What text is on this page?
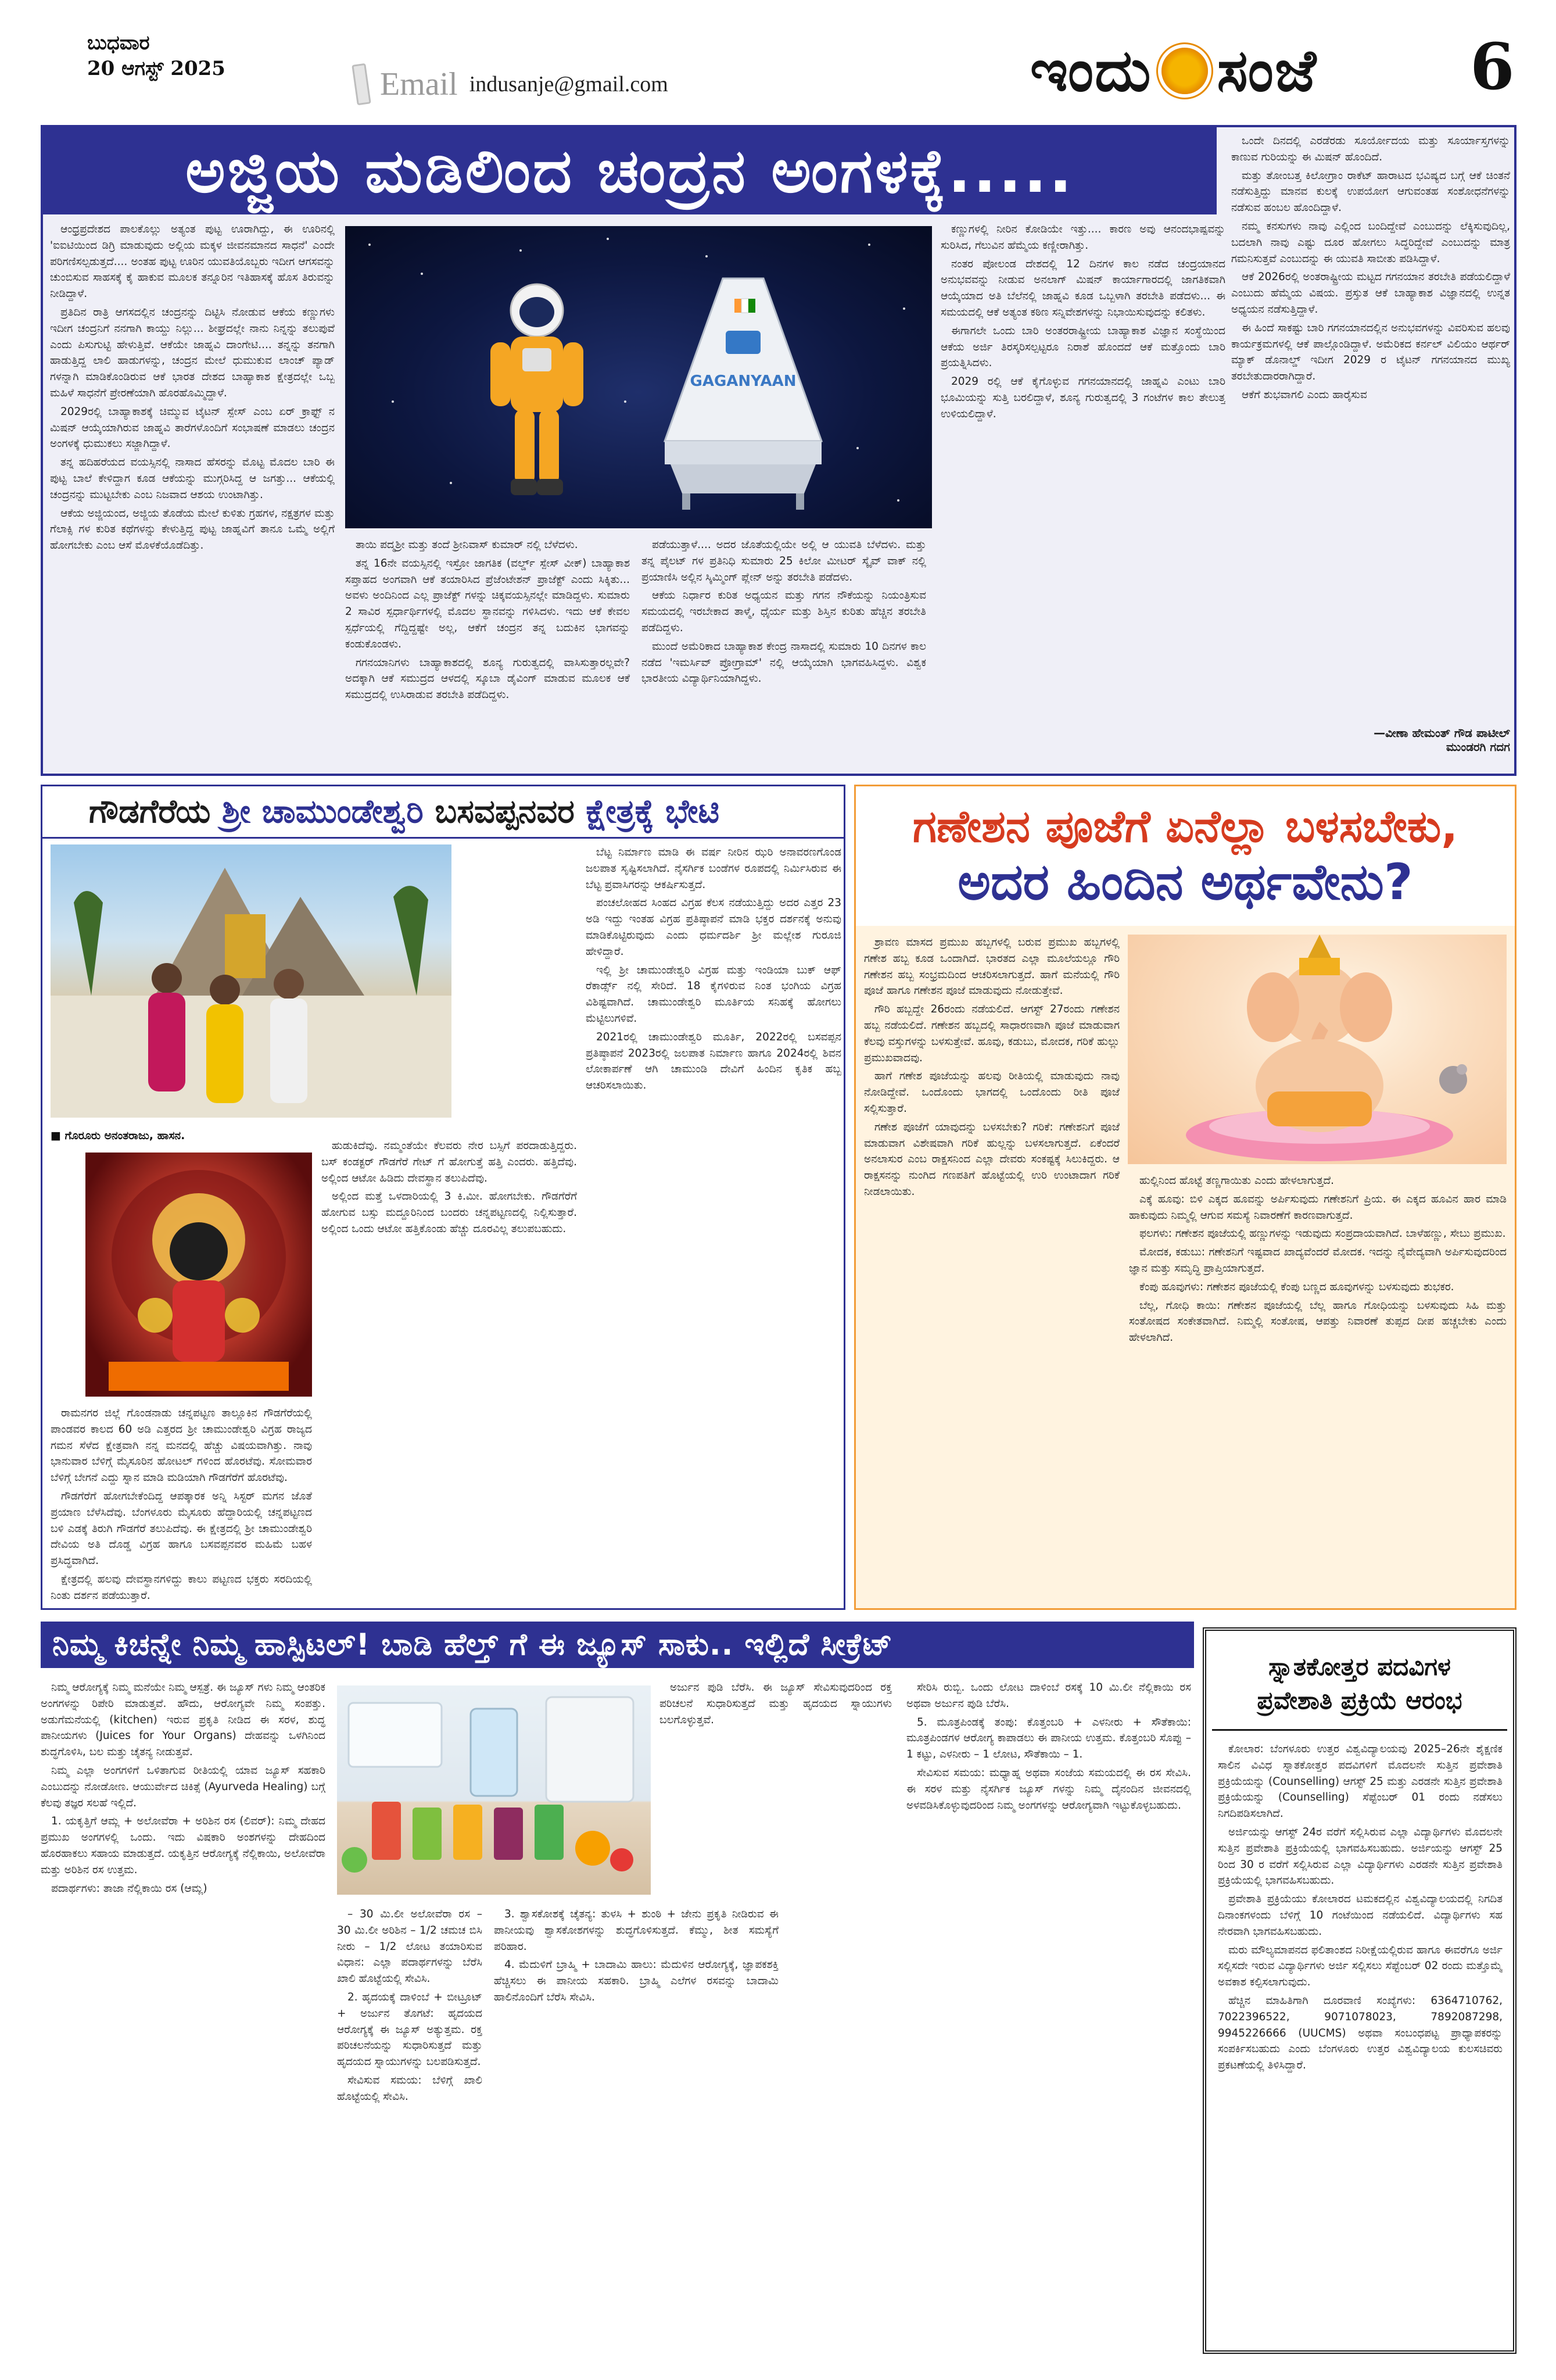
ಬುಧವಾರ
20 ಆಗಸ್ಟ್ 2025	Email indusanje@gmail.com	ಇಂದು ಸಂಜೆ 6
ಅಜ್ಜಿಯ ಮಡಿಲಿಂದ ಚಂದ್ರನ ಅಂಗಳಕ್ಕೆ.....

ಆಂಧ್ರಪ್ರದೇಶದ ಪಾಲಕೊಲ್ಲು ಅತ್ಯಂತ ಪುಟ್ಟ ಊರಾಗಿದ್ದು, ಈ ಊರಿನಲ್ಲಿ 'ಐಐಟಿಯಿಂದ ಡಿಗ್ರಿ ಮಾಡುವುದು ಅಲ್ಲಿಯ ಮಕ್ಕಳ ಜೀವನಮಾನದ ಸಾಧನೆ' ಎಂದೇ ಪರಿಗಣಿಸಲ್ಪಡುತ್ತದೆ.... ಅಂತಹ ಪುಟ್ಟ ಊರಿನ ಯುವತಿಯೊಬ್ಬರು ಇದೀಗ ಆಗಸವನ್ನು ಚುಂಬಿಸುವ ಸಾಹಸಕ್ಕೆ ಕೈ ಹಾಕುವ ಮೂಲಕ ತನ್ನೂರಿನ ಇತಿಹಾಸಕ್ಕೆ ಹೊಸ ತಿರುವನ್ನು ನೀಡಿದ್ದಾಳೆ.

ಪ್ರತಿದಿನ ರಾತ್ರಿ ಆಗಸದಲ್ಲಿನ ಚಂದ್ರನನ್ನು ದಿಟ್ಟಿಸಿ ನೋಡುವ ಆಕೆಯ ಕಣ್ಣುಗಳು ಇದೀಗ ಚಂದ್ರನಿಗೆ ನನಗಾಗಿ ಕಾಯ್ದು ನಿಲ್ಲು... ಶೀಘ್ರದಲ್ಲೇ ನಾನು ನಿನ್ನನ್ನು ತಲುಪುವೆ ಎಂದು ಪಿಸುಗುಟ್ಟಿ ಹೇಳುತ್ತಿವೆ. ಆಕೆಯೇ ಜಾಹ್ನವಿ ದಾಂಗೇಟಿ.... ತನ್ನನ್ನು ತನಗಾಗಿ ಹಾಡುತ್ತಿದ್ದ ಲಾಲಿ ಹಾಡುಗಳನ್ನು, ಚಂದ್ರನ ಮೇಲೆ ಧುಮುಕುವ ಲಾಂಚ್ ಪ್ಯಾಡ್ ಗಳನ್ನಾಗಿ ಮಾಡಿಕೊಂಡಿರುವ ಆಕೆ ಭಾರತ ದೇಶದ ಬಾಹ್ಯಾಕಾಶ ಕ್ಷೇತ್ರದಲ್ಲೇ ಒಬ್ಬ ಮಹಿಳೆ ಸಾಧನೆಗೆ ಪ್ರೇರಣೆಯಾಗಿ ಹೊರಹೊಮ್ಮಿದ್ದಾಳೆ.

2029ರಲ್ಲಿ ಬಾಹ್ಯಾಕಾಶಕ್ಕೆ ಚಿಮ್ಮುವ ಟೈಟನ್ ಸ್ಪೇಸ್ ಎಂಬ ಏರ್ ಕ್ರಾಫ್ಟ್ ನ ಮಿಷನ್ ಆಯ್ಕೆಯಾಗಿರುವ ಜಾಹ್ನವಿ ತಾರೆಗಳೊಂದಿಗೆ ಸಂಭಾಷಣೆ ಮಾಡಲು ಚಂದ್ರನ ಅಂಗಳಕ್ಕೆ ಧುಮುಕಲು ಸಜ್ಜಾಗಿದ್ದಾಳೆ.

ತನ್ನ ಹದಿಹರೆಯದ ವಯಸ್ಸಿನಲ್ಲಿ ನಾಸಾದ ಹೆಸರನ್ನು ಮೊಟ್ಟ ಮೊದಲ ಬಾರಿ ಈ ಪುಟ್ಟ ಬಾಲೆ ಕೇಳಿದ್ದಾಗ ಕೂಡ ಆಕೆಯನ್ನು ಮುಗ್ಗರಿಸಿದ್ದ ಆ ಜಗತ್ತು... ಆಕೆಯಲ್ಲಿ ಚಂದ್ರನನ್ನು ಮುಟ್ಟಬೇಕು ಎಂಬ ನಿಜವಾದ ಆಶಯ ಉಂಟಾಗಿತ್ತು.

ಆಕೆಯ ಅಜ್ಜಿಯಂದ, ಅಜ್ಜಿಯ ತೊಡೆಯ ಮೇಲೆ ಕುಳಿತು ಗ್ರಹಗಳ, ನಕ್ಷತ್ರಗಳ ಮತ್ತು ಗೆಲಾಕ್ಸಿ ಗಳ ಕುರಿತ ಕಥೆಗಳನ್ನು ಕೇಳುತ್ತಿದ್ದ ಪುಟ್ಟ ಜಾಹ್ನವಿಗೆ ತಾನೂ ಒಮ್ಮೆ ಅಲ್ಲಿಗೆ ಹೋಗಬೇಕು ಎಂಬ ಆಸೆ ಮೊಳಕೆಯೊಡೆದಿತ್ತು.

GAGANYAAN

ತಾಯಿ ಪದ್ಮಶ್ರೀ ಮತ್ತು ತಂದೆ ಶ್ರೀನಿವಾಸ್ ಕುಮಾರ್ ನಲ್ಲಿ ಬೆಳೆದಳು.

ತನ್ನ 16ನೇ ವಯಸ್ಸಿನಲ್ಲಿ ಇಸ್ರೋ ಜಾಗತಿಕ (ವರ್ಲ್ಡ್ ಸ್ಪೇಸ್ ವೀಕ್) ಬಾಹ್ಯಾಕಾಶ ಸಪ್ತಾಹದ ಅಂಗವಾಗಿ ಆಕೆ ತಯಾರಿಸಿದ ಪ್ರೆಜೆಂಟೇಶನ್ ಪ್ರಾಜೆಕ್ಟ್ ಎಂದು ಸಿಕ್ಕಿತು... ಅವಳು ಅಂದಿನಿಂದ ಎಲ್ಲ ಪ್ರಾಜೆಕ್ಟ್ ಗಳನ್ನು ಚಿಕ್ಕವಯಸ್ಸಿನಲ್ಲೇ ಮಾಡಿದ್ದಳು. ಸುಮಾರು 2 ಸಾವಿರ ಸ್ಪರ್ಧಾರ್ಥಿಗಳಲ್ಲಿ ಮೊದಲ ಸ್ಥಾನವನ್ನು ಗಳಿಸಿದಳು. ಇದು ಆಕೆ ಕೇವಲ ಸ್ಪರ್ಧೆಯಲ್ಲಿ ಗೆದ್ದಿದ್ದಷ್ಟೇ ಅಲ್ಲ, ಆಕೆಗೆ ಚಂದ್ರನ ತನ್ನ ಬದುಕಿನ ಭಾಗವನ್ನು ಕಂಡುಕೊಂಡಳು.

ಗಗನಯಾನಿಗಳು ಬಾಹ್ಯಾಕಾಶದಲ್ಲಿ ಶೂನ್ಯ ಗುರುತ್ವದಲ್ಲಿ ವಾಸಿಸುತ್ತಾರಲ್ಲವೇ? ಅದಕ್ಕಾಗಿ ಆಕೆ ಸಮುದ್ರದ ಆಳದಲ್ಲಿ ಸ್ಕೂಬಾ ಡೈವಿಂಗ್ ಮಾಡುವ ಮೂಲಕ ಆಕೆ ಸಮುದ್ರದಲ್ಲಿ ಉಸಿರಾಡುವ ತರಬೇತಿ ಪಡೆದಿದ್ದಳು.

ಪಡೆಯುತ್ತಾಳೆ.... ಅದರ ಜೊತೆಯಲ್ಲಿಯೇ ಅಲ್ಲಿ ಆ ಯುವತಿ ಬೆಳೆದಳು. ಮತ್ತು ತನ್ನ ಪೈಲಟ್ ಗಳ ಪ್ರತಿನಿಧಿ ಸುಮಾರು 25 ಕಿಲೋ ಮೀಟರ್ ಸ್ಕೈವ್ ವಾಕ್ ನಲ್ಲಿ ಪ್ರಯಾಣಿಸಿ ಅಲ್ಲಿನ ಸ್ಕಿಮ್ಮಿಂಗ್ ಪ್ಲೇನ್ ಅನ್ನು ತರಬೇತಿ ಪಡೆದಳು.

ಆಕೆಯ ನಿರ್ಧಾರ ಕುರಿತ ಅಧ್ಯಯನ ಮತ್ತು ಗಗನ ನೌಕೆಯನ್ನು ನಿಯಂತ್ರಿಸುವ ಸಮಯದಲ್ಲಿ ಇರಬೇಕಾದ ತಾಳ್ಮೆ, ಧೈರ್ಯ ಮತ್ತು ಶಿಸ್ತಿನ ಕುರಿತು ಹೆಚ್ಚಿನ ತರಬೇತಿ ಪಡೆದಿದ್ದಳು.

ಮುಂದೆ ಅಮೆರಿಕಾದ ಬಾಹ್ಯಾಕಾಶ ಕೇಂದ್ರ ನಾಸಾದಲ್ಲಿ ಸುಮಾರು 10 ದಿನಗಳ ಕಾಲ ನಡೆದ 'ಇಮರ್ಸಿವ್ ಪ್ರೋಗ್ರಾಮ್' ನಲ್ಲಿ ಆಯ್ಕೆಯಾಗಿ ಭಾಗವಹಿಸಿದ್ದಳು. ವಿಶ್ವಕ ಭಾರತೀಯ ವಿದ್ಯಾರ್ಥಿನಿಯಾಗಿದ್ದಳು.

ಕಣ್ಣುಗಳಲ್ಲಿ ನೀರಿನ ಕೋಡಿಯೇ ಇತ್ತು.... ಕಾರಣ ಅವು ಆನಂದಭಾಷ್ಪವನ್ನು ಸುರಿಸಿದ, ಗೆಲುವಿನ ಹೆಮ್ಮೆಯ ಕಣ್ಣೀರಾಗಿತ್ತು.

ನಂತರ ಪೋಲಂಡ ದೇಶದಲ್ಲಿ 12 ದಿನಗಳ ಕಾಲ ನಡೆದ ಚಂದ್ರಯಾನದ ಅನುಭವವನ್ನು ನೀಡುವ ಅನಲಾಗ್ ಮಿಷನ್ ಕಾರ್ಯಾಗಾರದಲ್ಲಿ ಜಾಗತಿಕವಾಗಿ ಆಯ್ಕೆಯಾದ ಅತಿ ಬೆಲೆನಲ್ಲಿ ಜಾಹ್ನವಿ ಕೂಡ ಒಬ್ಬಳಾಗಿ ತರಬೇತಿ ಪಡೆದಳು... ಈ ಸಮಯದಲ್ಲಿ ಆಕೆ ಅತ್ಯಂತ ಕಠಿಣ ಸನ್ನಿವೇಶಗಳನ್ನು ನಿಭಾಯಿಸುವುದನ್ನು ಕಲಿತಳು.

ಈಗಾಗಲೇ ಒಂದು ಬಾರಿ ಅಂತರರಾಷ್ಟ್ರೀಯ ಬಾಹ್ಯಾಕಾಶ ವಿಜ್ಞಾನ ಸಂಸ್ಥೆಯಿಂದ ಆಕೆಯ ಅರ್ಜಿ ತಿರಸ್ಕರಿಸಲ್ಪಟ್ಟರೂ ನಿರಾಶೆ ಹೊಂದದೆ ಆಕೆ ಮತ್ತೊಂದು ಬಾರಿ ಪ್ರಯತ್ನಿಸಿದಳು.

2029 ರಲ್ಲಿ ಆಕೆ ಕೈಗೊಳ್ಳುವ ಗಗನಯಾನದಲ್ಲಿ ಜಾಹ್ನವಿ ಎಂಟು ಬಾರಿ ಭೂಮಿಯನ್ನು ಸುತ್ತಿ ಬರಲಿದ್ದಾಳೆ, ಶೂನ್ಯ ಗುರುತ್ವದಲ್ಲಿ 3 ಗಂಟೆಗಳ ಕಾಲ ತೇಲುತ್ತ ಉಳಿಯಲಿದ್ದಾಳೆ.

ಒಂದೇ ದಿನದಲ್ಲಿ ಎರಡೆರಡು ಸೂರ್ಯೋದಯ ಮತ್ತು ಸೂರ್ಯಾಸ್ತಗಳನ್ನು ಕಾಣುವ ಗುರಿಯನ್ನು ಈ ಮಿಷನ್ ಹೊಂದಿದೆ.

ಮತ್ತು ತೋಂಬತ್ತ ಕಿಲೋಗ್ರಾಂ ರಾಕೆಟ್ ಹಾರಾಟದ ಭವಿಷ್ಯದ ಬಗ್ಗೆ ಆಕೆ ಚಿಂತನೆ ನಡೆಸುತ್ತಿದ್ದು ಮಾನವ ಕುಲಕ್ಕೆ ಉಪಯೋಗ ಆಗುವಂತಹ ಸಂಶೋಧನೆಗಳನ್ನು ನಡೆಸುವ ಹಂಬಲ ಹೊಂದಿದ್ದಾಳೆ.

ನಮ್ಮ ಕನಸುಗಳು ನಾವು ಎಲ್ಲಿಂದ ಬಂದಿದ್ದೇವೆ ಎಂಬುದನ್ನು ಲೆಕ್ಕಿಸುವುದಿಲ್ಲ, ಬದಲಾಗಿ ನಾವು ಎಷ್ಟು ದೂರ ಹೋಗಲು ಸಿದ್ಧರಿದ್ದೇವೆ ಎಂಬುದನ್ನು ಮಾತ್ರ ಗಮನಿಸುತ್ತವೆ ಎಂಬುದನ್ನು ಈ ಯುವತಿ ಸಾಬೀತು ಪಡಿಸಿದ್ದಾಳೆ.

ಆಕೆ 2026ರಲ್ಲಿ ಅಂತರಾಷ್ಟ್ರೀಯ ಮಟ್ಟದ ಗಗನಯಾನ ತರಬೇತಿ ಪಡೆಯಲಿದ್ದಾಳೆ ಎಂಬುದು ಹೆಮ್ಮೆಯ ವಿಷಯ. ಪ್ರಸ್ತುತ ಆಕೆ ಬಾಹ್ಯಾಕಾಶ ವಿಜ್ಞಾನದಲ್ಲಿ ಉನ್ನತ ಅಧ್ಯಯನ ನಡೆಸುತ್ತಿದ್ದಾಳೆ.

ಈ ಹಿಂದೆ ಸಾಕಷ್ಟು ಬಾರಿ ಗಗನಯಾನದಲ್ಲಿನ ಅನುಭವಗಳನ್ನು ವಿವರಿಸುವ ಹಲವು ಕಾರ್ಯಕ್ರಮಗಳಲ್ಲಿ ಆಕೆ ಪಾಲ್ಗೊಂಡಿದ್ದಾಳೆ. ಅಮೆರಿಕದ ಕರ್ನಲ್ ವಿಲಿಯಂ ಆರ್ಥರ್ ಮ್ಯಾಕ್ ಡೊನಾಲ್ಡ್ ಇದೀಗ 2029 ರ ಟೈಟನ್ ಗಗನಯಾನದ ಮುಖ್ಯ ತರಬೇತುದಾರರಾಗಿದ್ದಾರೆ.

ಆಕೆಗೆ ಶುಭವಾಗಲಿ ಎಂದು ಹಾರೈಸುವ

—ವೀಣಾ ಹೇಮಂತ್ ಗೌಡ ಪಾಟೀಲ್
ಮುಂಡರಗಿ ಗದಗ
ಗೌಡಗೆರೆಯ ಶ್ರೀ ಚಾಮುಂಡೇಶ್ವರಿ ಬಸವಪ್ಪನವರ ಕ್ಷೇತ್ರಕ್ಕೆ ಭೇಟಿ
■ ಗೊರೂರು ಅನಂತರಾಜು, ಹಾಸನ.

ರಾಮನಗರ ಜಿಲ್ಲೆ ಗೊಂಡನಾಡು ಚನ್ನಪಟ್ಟಣ ತಾಲ್ಲೂಕಿನ ಗೌಡಗೆರೆಯಲ್ಲಿ ಪಾಂಡವರ ಕಾಲದ 60 ಅಡಿ ಎತ್ತರದ ಶ್ರೀ ಚಾಮುಂಡೇಶ್ವರಿ ವಿಗ್ರಹ ರಾಜ್ಯದ ಗಮನ ಸೆಳೆದ ಕ್ಷೇತ್ರವಾಗಿ ನನ್ನ ಮನದಲ್ಲಿ ಹೆಚ್ಚು ವಿಷಯವಾಗಿತ್ತು. ನಾವು ಭಾನುವಾರ ಬೆಳಿಗ್ಗೆ ಮೈಸೂರಿನ ಹೋಟಲ್ ಗಳಿಂದ ಹೊರಟೆವು. ಸೋಮವಾರ ಬೆಳಿಗ್ಗೆ ಬೇಗನೆ ಎದ್ದು ಸ್ನಾನ ಮಾಡಿ ಮಡಿಯಾಗಿ ಗೌಡಗೆರೆಗೆ ಹೊರಟೆವು.

ಗೌಡಗೆರೆಗೆ ಹೋಗಬೇಕೆಂದಿದ್ದ ಆಪತ್ಕಾರಕ ಅನ್ನಿ ಸಿಸ್ಟರ್ ಮಗನ ಜೊತೆ ಪ್ರಯಾಣ ಬೆಳೆಸಿದೆವು. ಬೆಂಗಳೂರು ಮೈಸೂರು ಹೆದ್ದಾರಿಯಲ್ಲಿ ಚನ್ನಪಟ್ಟಣದ ಬಳಿ ಎಡಕ್ಕೆ ತಿರುಗಿ ಗೌಡಗೆರೆ ತಲುಪಿದೆವು. ಈ ಕ್ಷೇತ್ರದಲ್ಲಿ ಶ್ರೀ ಚಾಮುಂಡೇಶ್ವರಿ ದೇವಿಯ ಅತಿ ದೊಡ್ಡ ವಿಗ್ರಹ ಹಾಗೂ ಬಸವಪ್ಪನವರ ಮಹಿಮೆ ಬಹಳ ಪ್ರಸಿದ್ಧವಾಗಿದೆ.

ಕ್ಷೇತ್ರದಲ್ಲಿ ಹಲವು ದೇವಸ್ಥಾನಗಳಿದ್ದು ಕಾಲು ಪಟ್ಟಣದ ಭಕ್ತರು ಸರದಿಯಲ್ಲಿ ನಿಂತು ದರ್ಶನ ಪಡೆಯುತ್ತಾರೆ.

ಹುಡುಕಿದೆವು. ನಮ್ಮಂತೆಯೇ ಕೆಲವರು ನೇರ ಬಸ್ಸಿಗೆ ಪರದಾಡುತ್ತಿದ್ದರು. ಬಸ್ ಕಂಡಕ್ಟರ್ ಗೌಡಗೆರೆ ಗೇಟ್ ಗೆ ಹೋಗುತ್ತೆ ಹತ್ತಿ ಎಂದರು. ಹತ್ತಿದೆವು. ಅಲ್ಲಿಂದ ಆಟೋ ಹಿಡಿದು ದೇವಸ್ಥಾನ ತಲುಪಿದೆವು.

ಅಲ್ಲಿಂದ ಮತ್ತೆ ಒಳದಾರಿಯಲ್ಲಿ 3 ಕಿ.ಮೀ. ಹೋಗಬೇಕು. ಗೌಡಗೆರೆಗೆ ಹೋಗುವ ಬಸ್ಸು ಮದ್ದೂರಿನಿಂದ ಬಂದರು ಚನ್ನಪಟ್ಟಣದಲ್ಲಿ ನಿಲ್ಲಿಸುತ್ತಾರೆ. ಅಲ್ಲಿಂದ ಒಂದು ಆಟೋ ಹತ್ತಿಕೊಂಡು ಹೆಚ್ಚು ದೂರವಿಲ್ಲ ತಲುಪಬಹುದು.

ಬೆಟ್ಟ ನಿರ್ಮಾಣ ಮಾಡಿ ಈ ವರ್ಷ ನೀರಿನ ಝರಿ ಅನಾವರಣಗೊಂಡ ಜಲಪಾತ ಸೃಷ್ಟಿಸಲಾಗಿದೆ. ನೈಸರ್ಗಿಕ ಬಂಡೆಗಳ ರೂಪದಲ್ಲಿ ನಿರ್ಮಿಸಿರುವ ಈ ಬೆಟ್ಟ ಪ್ರವಾಸಿಗರನ್ನು ಆಕರ್ಷಿಸುತ್ತದೆ.

ಪಂಚಲೋಹದ ಸಿಂಹದ ವಿಗ್ರಹ ಕೆಲಸ ನಡೆಯುತ್ತಿದ್ದು ಅದರ ಎತ್ತರ 23 ಅಡಿ ಇದ್ದು ಇಂತಹ ವಿಗ್ರಹ ಪ್ರತಿಷ್ಠಾಪನೆ ಮಾಡಿ ಭಕ್ತರ ದರ್ಶನಕ್ಕೆ ಅನುವು ಮಾಡಿಕೊಟ್ಟಿರುವುದು ಎಂದು ಧರ್ಮದರ್ಶಿ ಶ್ರೀ ಮಲ್ಲೇಶ ಗುರೂಜಿ ಹೇಳಿದ್ದಾರೆ.

ಇಲ್ಲಿ ಶ್ರೀ ಚಾಮುಂಡೇಶ್ವರಿ ವಿಗ್ರಹ ಮತ್ತು ಇಂಡಿಯಾ ಬುಕ್ ಆಫ್ ರೆಕಾರ್ಡ್ಸ್ ನಲ್ಲಿ ಸೇರಿದೆ. 18 ಕೈಗಳಿರುವ ನಿಂತ ಭಂಗಿಯ ವಿಗ್ರಹ ವಿಶಿಷ್ಟವಾಗಿದೆ. ಚಾಮುಂಡೇಶ್ವರಿ ಮೂರ್ತಿಯ ಸನಿಹಕ್ಕೆ ಹೋಗಲು ಮೆಟ್ಟಿಲುಗಳಿವೆ.

2021ರಲ್ಲಿ ಚಾಮುಂಡೇಶ್ವರಿ ಮೂರ್ತಿ, 2022ರಲ್ಲಿ ಬಸವಪ್ಪನ ಪ್ರತಿಷ್ಠಾಪನೆ 2023ರಲ್ಲಿ ಜಲಪಾತ ನಿರ್ಮಾಣ ಹಾಗೂ 2024ರಲ್ಲಿ ಶಿವನ ಲೋಕಾರ್ಪಣೆ ಆಗಿ ಚಾಮುಂಡಿ ದೇವಿಗೆ ಹಿಂದಿನ ಕೃತಿಕ ಹಬ್ಬ ಆಚರಿಸಲಾಯಿತು.

ಗಣೇಶನ ಪೂಜೆಗೆ ಏನೆಲ್ಲಾ ಬಳಸಬೇಕು,
ಅದರ ಹಿಂದಿನ ಅರ್ಥವೇನು?

ಶ್ರಾವಣ ಮಾಸದ ಪ್ರಮುಖ ಹಬ್ಬಗಳಲ್ಲಿ ಬರುವ ಪ್ರಮುಖ ಹಬ್ಬಗಳಲ್ಲಿ ಗಣೇಶ ಹಬ್ಬ ಕೂಡ ಒಂದಾಗಿದೆ. ಭಾರತದ ಎಲ್ಲಾ ಮೂಲೆಯಲ್ಲೂ ಗೌರಿ ಗಣೇಶನ ಹಬ್ಬ ಸಂಭ್ರಮದಿಂದ ಆಚರಿಸಲಾಗುತ್ತದೆ. ಹಾಗೆ ಮನೆಯಲ್ಲಿ ಗೌರಿ ಪೂಜೆ ಹಾಗೂ ಗಣೇಶನ ಪೂಜೆ ಮಾಡುವುದು ನೋಡುತ್ತೇವೆ.

ಗೌರಿ ಹಬ್ಬದ್ದೇ 26ರಂದು ನಡೆಯಲಿದೆ. ಆಗಸ್ಟ್ 27ರಂದು ಗಣೇಶನ ಹಬ್ಬ ನಡೆಯಲಿದೆ. ಗಣೇಶನ ಹಬ್ಬದಲ್ಲಿ ಸಾಧಾರಣವಾಗಿ ಪೂಜೆ ಮಾಡುವಾಗ ಕೆಲವು ವಸ್ತುಗಳನ್ನು ಬಳಸುತ್ತೇವೆ. ಹೂವು, ಕಡುಬು, ಮೋದಕ, ಗರಿಕೆ ಹುಲ್ಲು ಪ್ರಮುಖವಾದವು.

ಹಾಗೆ ಗಣೇಶ ಪೂಜೆಯನ್ನು ಹಲವು ರೀತಿಯಲ್ಲಿ ಮಾಡುವುದು ನಾವು ನೋಡಿದ್ದೇವೆ. ಒಂದೊಂದು ಭಾಗದಲ್ಲಿ ಒಂದೊಂದು ರೀತಿ ಪೂಜೆ ಸಲ್ಲಿಸುತ್ತಾರೆ.

ಗಣೇಶ ಪೂಜೆಗೆ ಯಾವುದನ್ನು ಬಳಸಬೇಕು? ಗರಿಕೆ: ಗಣೇಶನಿಗೆ ಪೂಜೆ ಮಾಡುವಾಗ ವಿಶೇಷವಾಗಿ ಗರಿಕೆ ಹುಲ್ಲನ್ನು ಬಳಸಲಾಗುತ್ತದೆ. ಏಕೆಂದರೆ ಅನಲಾಸುರ ಎಂಬ ರಾಕ್ಷಸನಿಂದ ಎಲ್ಲಾ ದೇವರು ಸಂಕಷ್ಟಕ್ಕೆ ಸಿಲುಕಿದ್ದರು. ಆ ರಾಕ್ಷಸನನ್ನು ನುಂಗಿದ ಗಣಪತಿಗೆ ಹೊಟ್ಟೆಯಲ್ಲಿ ಉರಿ ಉಂಟಾದಾಗ ಗರಿಕೆ ನೀಡಲಾಯಿತು.

ಹುಲ್ಲಿನಿಂದ ಹೊಟ್ಟೆ ತಣ್ಣಗಾಯಿತು ಎಂದು ಹೇಳಲಾಗುತ್ತದೆ.

ಎಕ್ಕೆ ಹೂವು: ಬಿಳಿ ಎಕ್ಕದ ಹೂವನ್ನು ಅರ್ಪಿಸುವುದು ಗಣೇಶನಿಗೆ ಪ್ರಿಯ. ಈ ಎಕ್ಕದ ಹೂವಿನ ಹಾರ ಮಾಡಿ ಹಾಕುವುದು ನಿಮ್ಮಲ್ಲಿ ಆಗುವ ಸಮಸ್ಯೆ ನಿವಾರಣೆಗೆ ಕಾರಣವಾಗುತ್ತದೆ.

ಫಲಗಳು: ಗಣೇಶನ ಪೂಜೆಯಲ್ಲಿ ಹಣ್ಣುಗಳನ್ನು ಇಡುವುದು ಸಂಪ್ರದಾಯವಾಗಿದೆ. ಬಾಳೆಹಣ್ಣು, ಸೇಬು ಪ್ರಮುಖ.

ಮೋದಕ, ಕಡುಬು: ಗಣೇಶನಿಗೆ ಇಷ್ಟವಾದ ಖಾದ್ಯವೆಂದರೆ ಮೋದಕ. ಇದನ್ನು ನೈವೇದ್ಯವಾಗಿ ಅರ್ಪಿಸುವುದರಿಂದ ಜ್ಞಾನ ಮತ್ತು ಸಮೃದ್ಧಿ ಪ್ರಾಪ್ತಿಯಾಗುತ್ತದೆ.

ಕೆಂಪು ಹೂವುಗಳು: ಗಣೇಶನ ಪೂಜೆಯಲ್ಲಿ ಕೆಂಪು ಬಣ್ಣದ ಹೂವುಗಳನ್ನು ಬಳಸುವುದು ಶುಭಕರ.

ಬೆಲ್ಲ, ಗೋಧಿ ಕಾಯಿ: ಗಣೇಶನ ಪೂಜೆಯಲ್ಲಿ ಬೆಲ್ಲ ಹಾಗೂ ಗೋಧಿಯನ್ನು ಬಳಸುವುದು ಸಿಹಿ ಮತ್ತು ಸಂತೋಷದ ಸಂಕೇತವಾಗಿದೆ. ನಿಮ್ಮಲ್ಲಿ ಸಂತೋಷ, ಆಪತ್ತು ನಿವಾರಣೆ ತುಪ್ಪದ ದೀಪ ಹಚ್ಚಬೇಕು ಎಂದು ಹೇಳಲಾಗಿದೆ.

ನಿಮ್ಮ ಕಿಚನ್ನೇ ನಿಮ್ಮ ಹಾಸ್ಪಿಟಲ್! ಬಾಡಿ ಹೆಲ್ತ್ ಗೆ ಈ ಜ್ಯೂಸ್ ಸಾಕು.. ಇಲ್ಲಿದೆ ಸೀಕ್ರೆಟ್

ನಿಮ್ಮ ಆರೋಗ್ಯಕ್ಕೆ ನಿಮ್ಮ ಮನೆಯೇ ನಿಮ್ಮ ಆಸ್ಪತ್ರೆ. ಈ ಜ್ಯೂಸ್ ಗಳು ನಿಮ್ಮ ಆಂತರಿಕ ಅಂಗಗಳನ್ನು ರಿಪೇರಿ ಮಾಡುತ್ತವೆ. ಹೌದು, ಆರೋಗ್ಯವೇ ನಿಮ್ಮ ಸಂಪತ್ತು. ಅಡುಗೆಮನೆಯಲ್ಲಿ (kitchen) ಇರುವ ಪ್ರಕೃತಿ ನೀಡಿದ ಈ ಸರಳ, ಶುದ್ಧ ಪಾನೀಯಗಳು (Juices for Your Organs) ದೇಹವನ್ನು ಒಳಗಿನಿಂದ ಶುದ್ಧಗೊಳಿಸಿ, ಬಲ ಮತ್ತು ಚೈತನ್ಯ ನೀಡುತ್ತವೆ.

ನಿಮ್ಮ ಎಲ್ಲಾ ಅಂಗಗಳಿಗೆ ಒಳಿತಾಗುವ ರೀತಿಯಲ್ಲಿ ಯಾವ ಜ್ಯೂಸ್ ಸಹಕಾರಿ ಎಂಬುದನ್ನು ನೋಡೋಣ. ಆಯುರ್ವೇದ ಚಿಕಿತ್ಸೆ (Ayurveda Healing) ಬಗ್ಗೆ ಕೆಲವು ತಜ್ಞರ ಸಲಹೆ ಇಲ್ಲಿದೆ.

1. ಯಕೃತ್ತಿಗೆ ಆಮ್ಲ + ಅಲೋವೆರಾ + ಅರಿಶಿನ ರಸ (ಲಿವರ್): ನಿಮ್ಮ ದೇಹದ ಪ್ರಮುಖ ಅಂಗಗಳಲ್ಲಿ ಒಂದು. ಇದು ವಿಷಕಾರಿ ಅಂಶಗಳನ್ನು ದೇಹದಿಂದ ಹೊರಹಾಕಲು ಸಹಾಯ ಮಾಡುತ್ತದೆ. ಯಕೃತ್ತಿನ ಆರೋಗ್ಯಕ್ಕೆ ನೆಲ್ಲಿಕಾಯಿ, ಅಲೋವೆರಾ ಮತ್ತು ಅರಿಶಿನ ರಸ ಉತ್ತಮ.

ಪದಾರ್ಥಗಳು: ತಾಜಾ ನೆಲ್ಲಿಕಾಯಿ ರಸ (ಆಮ್ಲ)

– 30 ಮಿ.ಲೀ ಅಲೋವೆರಾ ರಸ – 30 ಮಿ.ಲೀ ಅರಿಶಿನ – 1/2 ಚಮಚ ಬಿಸಿ ನೀರು – 1/2 ಲೋಟ ತಯಾರಿಸುವ ವಿಧಾನ: ಎಲ್ಲಾ ಪದಾರ್ಥಗಳನ್ನು ಬೆರೆಸಿ ಖಾಲಿ ಹೊಟ್ಟೆಯಲ್ಲಿ ಸೇವಿಸಿ.

2. ಹೃದಯಕ್ಕೆ ದಾಳಿಂಬೆ + ಬೀಟ್ರೂಟ್ + ಅರ್ಜುನ ತೊಗಟೆ: ಹೃದಯದ ಆರೋಗ್ಯಕ್ಕೆ ಈ ಜ್ಯೂಸ್ ಅತ್ಯುತ್ತಮ. ರಕ್ತ ಪರಿಚಲನೆಯನ್ನು ಸುಧಾರಿಸುತ್ತದೆ ಮತ್ತು ಹೃದಯದ ಸ್ನಾಯುಗಳನ್ನು ಬಲಪಡಿಸುತ್ತದೆ.

ಸೇವಿಸುವ ಸಮಯ: ಬೆಳಿಗ್ಗೆ ಖಾಲಿ ಹೊಟ್ಟೆಯಲ್ಲಿ ಸೇವಿಸಿ.

3. ಶ್ವಾಸಕೋಶಕ್ಕೆ ಚೈತನ್ಯ: ತುಳಸಿ + ಶುಂಠಿ + ಜೇನು ಪ್ರಕೃತಿ ನೀಡಿರುವ ಈ ಪಾನೀಯವು ಶ್ವಾಸಕೋಶಗಳನ್ನು ಶುದ್ಧಗೊಳಿಸುತ್ತದೆ. ಕೆಮ್ಮು, ಶೀತ ಸಮಸ್ಯೆಗೆ ಪರಿಹಾರ.

4. ಮೆದುಳಿಗೆ ಬ್ರಾಹ್ಮಿ + ಬಾದಾಮಿ ಹಾಲು: ಮೆದುಳಿನ ಆರೋಗ್ಯಕ್ಕೆ, ಜ್ಞಾಪಕಶಕ್ತಿ ಹೆಚ್ಚಿಸಲು ಈ ಪಾನೀಯ ಸಹಕಾರಿ. ಬ್ರಾಹ್ಮಿ ಎಲೆಗಳ ರಸವನ್ನು ಬಾದಾಮಿ ಹಾಲಿನೊಂದಿಗೆ ಬೆರೆಸಿ ಸೇವಿಸಿ.

ಅರ್ಜುನ ಪುಡಿ ಬೆರೆಸಿ. ಈ ಜ್ಯೂಸ್ ಸೇವಿಸುವುದರಿಂದ ರಕ್ತ ಪರಿಚಲನೆ ಸುಧಾರಿಸುತ್ತದೆ ಮತ್ತು ಹೃದಯದ ಸ್ನಾಯುಗಳು ಬಲಗೊಳ್ಳುತ್ತವೆ.

ಸೇರಿಸಿ ರುಬ್ಬಿ. ಒಂದು ಲೋಟ ದಾಳಿಂಬೆ ರಸಕ್ಕೆ 10 ಮಿ.ಲೀ ನೆಲ್ಲಿಕಾಯಿ ರಸ ಅಥವಾ ಅರ್ಜುನ ಪುಡಿ ಬೆರೆಸಿ.

5. ಮೂತ್ರಪಿಂಡಕ್ಕೆ ತಂಪು: ಕೊತ್ತಂಬರಿ + ಎಳನೀರು + ಸೌತೆಕಾಯಿ: ಮೂತ್ರಪಿಂಡಗಳ ಆರೋಗ್ಯ ಕಾಪಾಡಲು ಈ ಪಾನೀಯ ಉತ್ತಮ. ಕೊತ್ತಂಬರಿ ಸೊಪ್ಪು – 1 ಕಟ್ಟು, ಎಳನೀರು – 1 ಲೋಟ, ಸೌತೆಕಾಯಿ – 1.

ಸೇವಿಸುವ ಸಮಯ: ಮಧ್ಯಾಹ್ನ ಅಥವಾ ಸಂಜೆಯ ಸಮಯದಲ್ಲಿ ಈ ರಸ ಸೇವಿಸಿ. ಈ ಸರಳ ಮತ್ತು ನೈಸರ್ಗಿಕ ಜ್ಯೂಸ್ ಗಳನ್ನು ನಿಮ್ಮ ದೈನಂದಿನ ಜೀವನದಲ್ಲಿ ಅಳವಡಿಸಿಕೊಳ್ಳುವುದರಿಂದ ನಿಮ್ಮ ಅಂಗಗಳನ್ನು ಆರೋಗ್ಯವಾಗಿ ಇಟ್ಟುಕೊಳ್ಳಬಹುದು.

ಸ್ನಾತಕೋತ್ತರ ಪದವಿಗಳ
ಪ್ರವೇಶಾತಿ ಪ್ರಕ್ರಿಯೆ ಆರಂಭ

ಕೋಲಾರ: ಬೆಂಗಳೂರು ಉತ್ತರ ವಿಶ್ವವಿದ್ಯಾಲಯವು 2025–26ನೇ ಶೈಕ್ಷಣಿಕ ಸಾಲಿನ ವಿವಿಧ ಸ್ನಾತಕೋತ್ತರ ಪದವಿಗಳಿಗೆ ಮೊದಲನೇ ಸುತ್ತಿನ ಪ್ರವೇಶಾತಿ ಪ್ರಕ್ರಿಯೆಯನ್ನು (Counselling) ಆಗಸ್ಟ್ 25 ಮತ್ತು ಎರಡನೇ ಸುತ್ತಿನ ಪ್ರವೇಶಾತಿ ಪ್ರಕ್ರಿಯೆಯನ್ನು (Counselling) ಸೆಪ್ಟೆಂಬರ್ 01 ರಂದು ನಡೆಸಲು ನಿಗದಿಪಡಿಸಲಾಗಿದೆ.

ಅರ್ಜಿಯನ್ನು ಆಗಸ್ಟ್ 24ರ ವರೆಗೆ ಸಲ್ಲಿಸಿರುವ ಎಲ್ಲಾ ವಿದ್ಯಾರ್ಥಿಗಳು ಮೊದಲನೇ ಸುತ್ತಿನ ಪ್ರವೇಶಾತಿ ಪ್ರಕ್ರಿಯೆಯಲ್ಲಿ ಭಾಗವಹಿಸಬಹುದು. ಅರ್ಜಿಯನ್ನು ಆಗಸ್ಟ್ 25 ರಿಂದ 30 ರ ವರೆಗೆ ಸಲ್ಲಿಸಿರುವ ಎಲ್ಲಾ ವಿದ್ಯಾರ್ಥಿಗಳು ಎರಡನೇ ಸುತ್ತಿನ ಪ್ರವೇಶಾತಿ ಪ್ರಕ್ರಿಯೆಯಲ್ಲಿ ಭಾಗವಹಿಸಬಹುದು.

ಪ್ರವೇಶಾತಿ ಪ್ರಕ್ರಿಯೆಯು ಕೋಲಾರದ ಟಮಕದಲ್ಲಿನ ವಿಶ್ವವಿದ್ಯಾಲಯದಲ್ಲಿ ನಿಗದಿತ ದಿನಾಂಕಗಳಂದು ಬೆಳಿಗ್ಗೆ 10 ಗಂಟೆಯಿಂದ ನಡೆಯಲಿದೆ. ವಿದ್ಯಾರ್ಥಿಗಳು ಸಹ ನೇರವಾಗಿ ಭಾಗವಹಿಸಬಹುದು.

ಮರು ಮೌಲ್ಯಮಾಪನದ ಫಲಿತಾಂಶದ ನಿರೀಕ್ಷೆಯಲ್ಲಿರುವ ಹಾಗೂ ಈವರೆಗೂ ಅರ್ಜಿ ಸಲ್ಲಿಸದೇ ಇರುವ ವಿದ್ಯಾರ್ಥಿಗಳು ಅರ್ಜಿ ಸಲ್ಲಿಸಲು ಸೆಪ್ಟೆಂಬರ್ 02 ರಂದು ಮತ್ತೊಮ್ಮೆ ಅವಕಾಶ ಕಲ್ಪಿಸಲಾಗುವುದು.

ಹೆಚ್ಚಿನ ಮಾಹಿತಿಗಾಗಿ ದೂರವಾಣಿ ಸಂಖ್ಯೆಗಳು: 6364710762, 7022396522, 9071078023, 7892087298, 9945226666 (UUCMS) ಅಥವಾ ಸಂಬಂಧಪಟ್ಟ ಪ್ರಾಧ್ಯಾಪಕರನ್ನು ಸಂಪರ್ಕಿಸಬಹುದು ಎಂದು ಬೆಂಗಳೂರು ಉತ್ತರ ವಿಶ್ವವಿದ್ಯಾಲಯ ಕುಲಸಚಿವರು ಪ್ರಕಟಣೆಯಲ್ಲಿ ತಿಳಿಸಿದ್ದಾರೆ.
